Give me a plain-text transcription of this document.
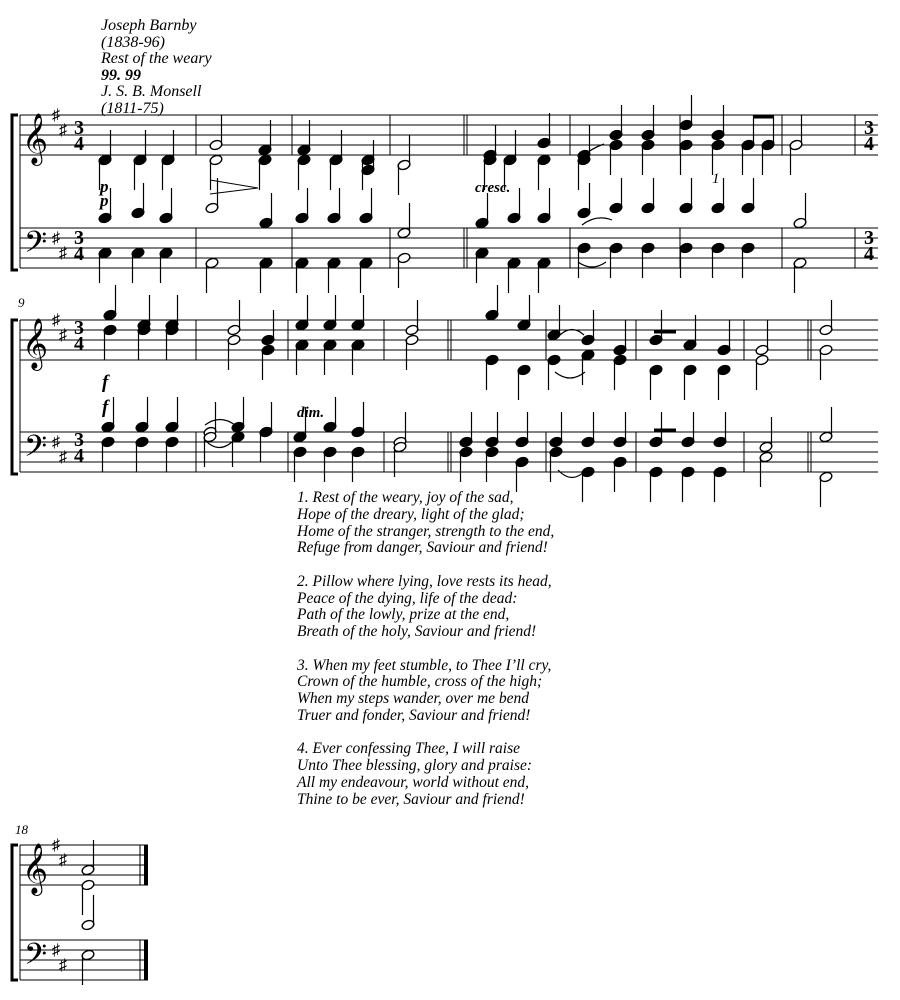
Joseph Barnby
(1838-96)
Rest of the weary
99. 99
J. S. B. Monsell
(1811-75)
𝄞
𝄢
♯
♯
♯
♯
𝄞
𝄢
♯
♯
♯
♯
𝄞
𝄢
♯
♯
♯
♯
9
18
p
p
cresc.
1
f
f	dim.
3
4
3
4
3
4
3
4
3
4
3
4
1. Rest of the weary, joy of the sad,
Hope of the dreary, light of the glad;
Home of the stranger, strength to the end,
Refuge from danger, Saviour and friend!
2. Pillow where lying, love rests its head,
Peace of the dying, life of the dead:
Path of the lowly, prize at the end,
Breath of the holy, Saviour and friend!
3. When my feet stumble, to Thee I’ll cry,
Crown of the humble, cross of the high;
When my steps wander, over me bend
Truer and fonder, Saviour and friend!
4. Ever confessing Thee, I will raise
Unto Thee blessing, glory and praise:
All my endeavour, world without end,
Thine to be ever, Saviour and friend!
